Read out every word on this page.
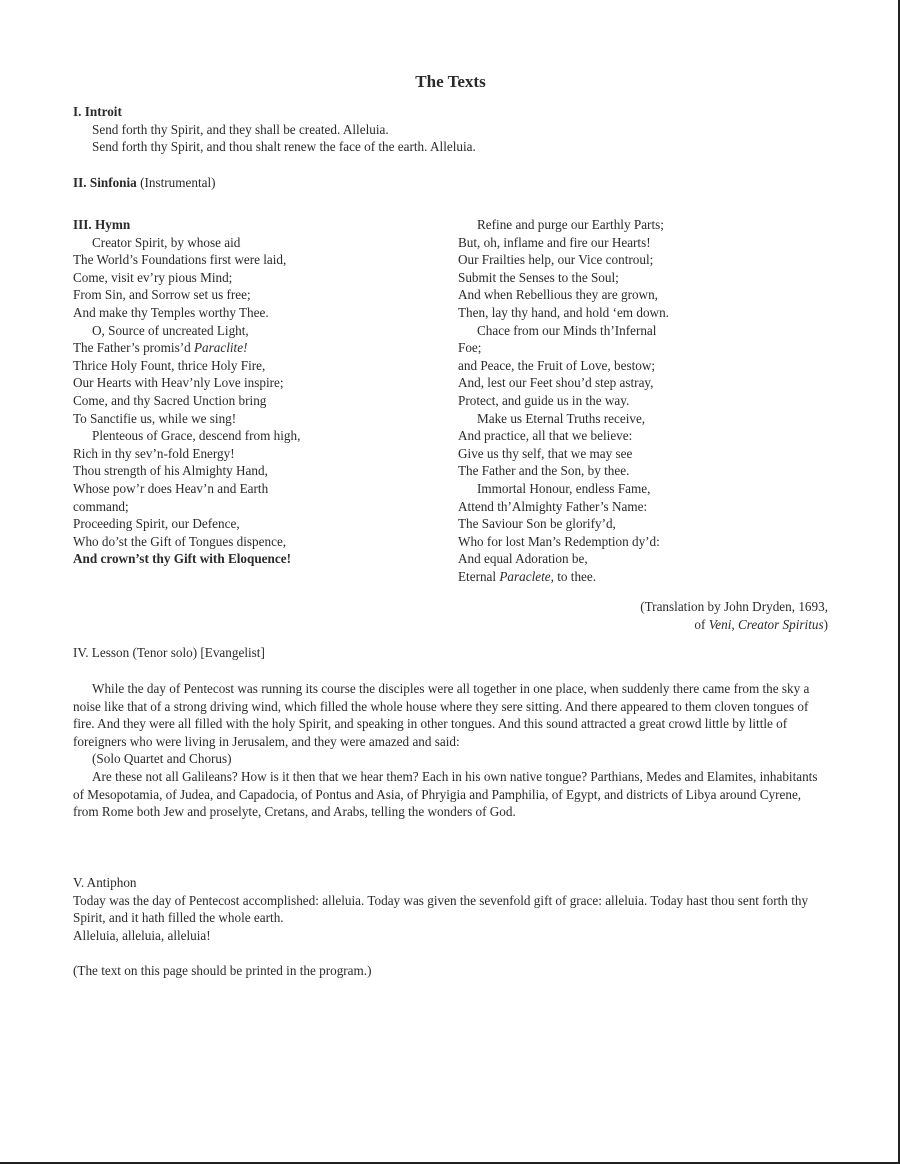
The Texts
I. Introit
Send forth thy Spirit, and they shall be created. Alleluia.
Send forth thy Spirit, and thou shalt renew the face of the earth. Alleluia.
II. Sinfonia (Instrumental)
III. Hymn
Creator Spirit, by whose aid
The World’s Foundations first were laid,
Come, visit ev’ry pious Mind;
From Sin, and Sorrow set us free;
And make thy Temples worthy Thee.
O, Source of uncreated Light,
The Father’s promis’d Paraclite!
Thrice Holy Fount, thrice Holy Fire,
Our Hearts with Heav’nly Love inspire;
Come, and thy Sacred Unction bring
To Sanctifie us, while we sing!
Plenteous of Grace, descend from high,
Rich in thy sev’n-fold Energy!
Thou strength of his Almighty Hand,
Whose pow’r does Heav’n and Earth
command;
Proceeding Spirit, our Defence,
Who do’st the Gift of Tongues dispence,
And crown’st thy Gift with Eloquence!
Refine and purge our Earthly Parts;
But, oh, inflame and fire our Hearts!
Our Frailties help, our Vice controul;
Submit the Senses to the Soul;
And when Rebellious they are grown,
Then, lay thy hand, and hold ‘em down.
Chace from our Minds th’Infernal
Foe;
and Peace, the Fruit of Love, bestow;
And, lest our Feet shou’d step astray,
Protect, and guide us in the way.
Make us Eternal Truths receive,
And practice, all that we believe:
Give us thy self, that we may see
The Father and the Son, by thee.
Immortal Honour, endless Fame,
Attend th’Almighty Father’s Name:
The Saviour Son be glorify’d,
Who for lost Man’s Redemption dy’d:
And equal Adoration be,
Eternal Paraclete, to thee.
(Translation by John Dryden, 1693,
of Veni, Creator Spiritus)
IV. Lesson (Tenor solo) [Evangelist]

While the day of Pentecost was running its course the disciples were all together in one place, when suddenly there came from the sky a noise like that of a strong driving wind, which filled the whole house where they sere sitting. And there appeared to them cloven tongues of fire. And they were all filled with the holy Spirit, and speaking in other tongues. And this sound attracted a great crowd little by little of foreigners who were living in Jerusalem, and they were amazed and said:

(Solo Quartet and Chorus)

Are these not all Galileans? How is it then that we hear them? Each in his own native tongue? Parthians, Medes and Elamites, inhabitants of Mesopotamia, of Judea, and Capadocia, of Pontus and Asia, of Phryigia and Pamphilia, of Egypt, and districts of Libya around Cyrene, from Rome both Jew and proselyte, Cretans, and Arabs, telling the wonders of God.

V. Antiphon

Today was the day of Pentecost accomplished: alleluia. Today was given the sevenfold gift of grace: alleluia. Today hast thou sent forth thy Spirit, and it hath filled the whole earth.

Alleluia, alleluia, alleluia!
(The text on this page should be printed in the program.)
